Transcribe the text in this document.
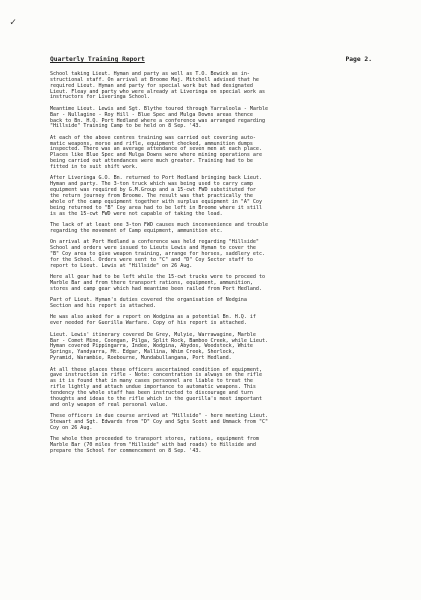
✓
Quarterly Training Report	Page 2.

School taking Lieut. Hyman and party as well as T.O. Bewick as in-
structional staff. On arrival at Broome Maj. Mitchell advised that he
required Lieut. Hyman and party for special work but had designated
Lieut. Fleay and party who were already at Liveringa on special work as
instructors for Liveringa School.

Meantime Lieut. Lewis and Sgt. Blythe toured through Yarraloola - Marble
Bar - Nullagine - Roy Hill - Blue Spec and Mulga Downs areas thence
back to Bn. H.Q. Port Hedland where a conference was arranged regarding
"Hillside" Training Camp to be held on 8 Sep. '43.

At each of the above centres training was carried out covering auto-
matic weapons, morse and rifle, equipment checked, ammunition dumps
inspected. There was an average attendance of seven men at each place.
Places like Blue Spec and Mulga Downs were where mining operations are
being carried out attendances were much greater. Training had to be
fitted in to suit shift work.

After Liveringa G.O. Bn. returned to Port Hedland bringing back Lieut.
Hyman and party. The 3-ton truck which was being used to carry camp
equipment was required by G.M.Group and a 15-cwt FWD substituted for
the return journey from Broome. The result was that practically the
whole of the camp equipment together with surplus equipment in "A" Coy
being returned to "B" Coy area had to be left in Broome where it still
is as the 15-cwt FWD were not capable of taking the load.

The lack of at least one 3-ton FWD causes much inconvenience and trouble
regarding the movement of Camp equipment, ammunition etc.

On arrival at Port Hedland a conference was held regarding "Hillside"
School and orders were issued to Lieuts Lewis and Hyman to cover the
"B" Coy area to give weapon training, arrange for horses, saddlery etc.
for the School. Orders were sent to "C" and "D" Coy Sector staff to
report to Lieut. Lewis at "Hillside" on 26 Aug.

Here all gear had to be left while the 15-cwt trucks were to proceed to
Marble Bar and from there transport rations, equipment, ammunition,
stores and camp gear which had meantime been railed from Port Hedland.

Part of Lieut. Hyman's duties covered the organisation of Nodgina
Section and his report is attached.

He was also asked for a report on Wodgina as a potential Bn. H.Q. if
ever needed for Guerilla Warfare. Copy of his report is attached.

Lieut. Lewis' itinerary covered De Grey, Mulyie, Warrawagine, Marble
Bar - Comet Mine, Coongan, Pilga, Split Rock, Bamboo Creek, while Lieut.
Hyman covered Pippingarra, Indee, Wodgina, Abydos, Woodstock, White
Springs, Yandyarra, Mt. Edgar, Mallina, Whim Creek, Sherlock,
Pyramid, Warambie, Roebourne, Mundabullangana, Port Hedland.

At all these places these officers ascertained condition of equipment,
gave instruction in rifle - Note: concentration is always on the rifle
as it is found that in many cases personnel are liable to treat the
rifle lightly and attach undue importance to automatic weapons. This
tendency the whole staff has been instructed to discourage and turn
thoughts and ideas to the rifle which in the guerilla's most important
and only weapon of real personal value.

These officers in due course arrived at "Hillside" - here meeting Lieut.
Stewart and Sgt. Edwards from "D" Coy and Sgts Scott and Ummack from "C"
Coy on 26 Aug.

The whole then proceeded to transport stores, rations, equipment from
Marble Bar (70 miles from "Hillside" with bad roads) to Hillside and
prepare the School for commencement on 8 Sep. '43.
